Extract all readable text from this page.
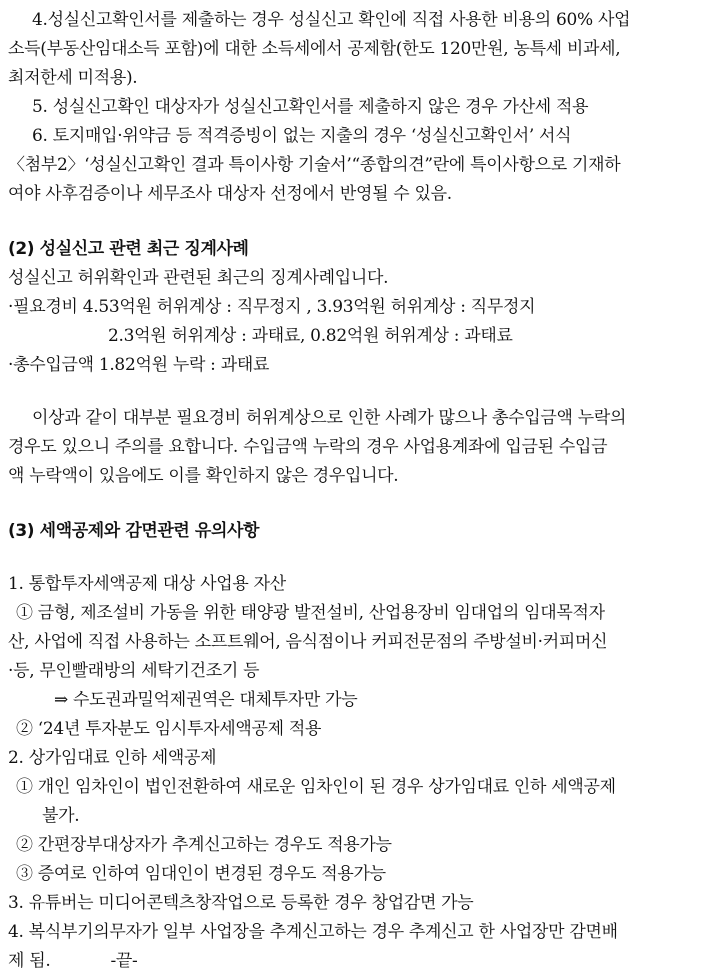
4.성실신고확인서를 제출하는 경우 성실신고 확인에 직접 사용한 비용의 60% 사업

소득(부동산임대소득 포함)에 대한 소득세에서 공제함(한도 120만원, 농특세 비과세,

최저한세 미적용).

5. 성실신고확인 대상자가 성실신고확인서를 제출하지 않은 경우 가산세 적용

6. 토지매입·위약금 등 적격증빙이 없는 지출의 경우 ‘성실신고확인서’ 서식

〈첨부2〉‘성실신고확인 결과 특이사항 기술서’“종합의견”란에 특이사항으로 기재하

여야 사후검증이나 세무조사 대상자 선정에서 반영될 수 있음.

(2) 성실신고 관련 최근 징계사례

성실신고 허위확인과 관련된 최근의 징계사례입니다.

·필요경비 4.53억원 허위계상 : 직무정지 , 3.93억원 허위계상 : 직무정지

2.3억원 허위계상 : 과태료, 0.82억원 허위계상 : 과태료

·총수입금액 1.82억원 누락 : 과태료

이상과 같이 대부분 필요경비 허위계상으로 인한 사례가 많으나 총수입금액 누락의

경우도 있으니 주의를 요합니다. 수입금액 누락의 경우 사업용계좌에 입금된 수입금

액 누락액이 있음에도 이를 확인하지 않은 경우입니다.

(3) 세액공제와 감면관련 유의사항

1. 통합투자세액공제 대상 사업용 자산

① 금형, 제조설비 가동을 위한 태양광 발전설비, 산업용장비 임대업의 임대목적자

산, 사업에 직접 사용하는 소프트웨어, 음식점이나 커피전문점의 주방설비·커피머신

·등, 무인빨래방의 세탁기건조기 등

⇒ 수도권과밀억제권역은 대체투자만 가능

② ‘24년 투자분도 임시투자세액공제 적용

2. 상가임대료 인하 세액공제

① 개인 임차인이 법인전환하여 새로운 임차인이 된 경우 상가임대료 인하 세액공제

불가.

② 간편장부대상자가 추계신고하는 경우도 적용가능

③ 증여로 인하여 임대인이 변경된 경우도 적용가능

3. 유튜버는 미디어콘텍츠창작업으로 등록한 경우 창업감면 가능

4. 복식부기의무자가 일부 사업장을 추계신고하는 경우 추계신고 한 사업장만 감면배

제 됨.	-끝-
